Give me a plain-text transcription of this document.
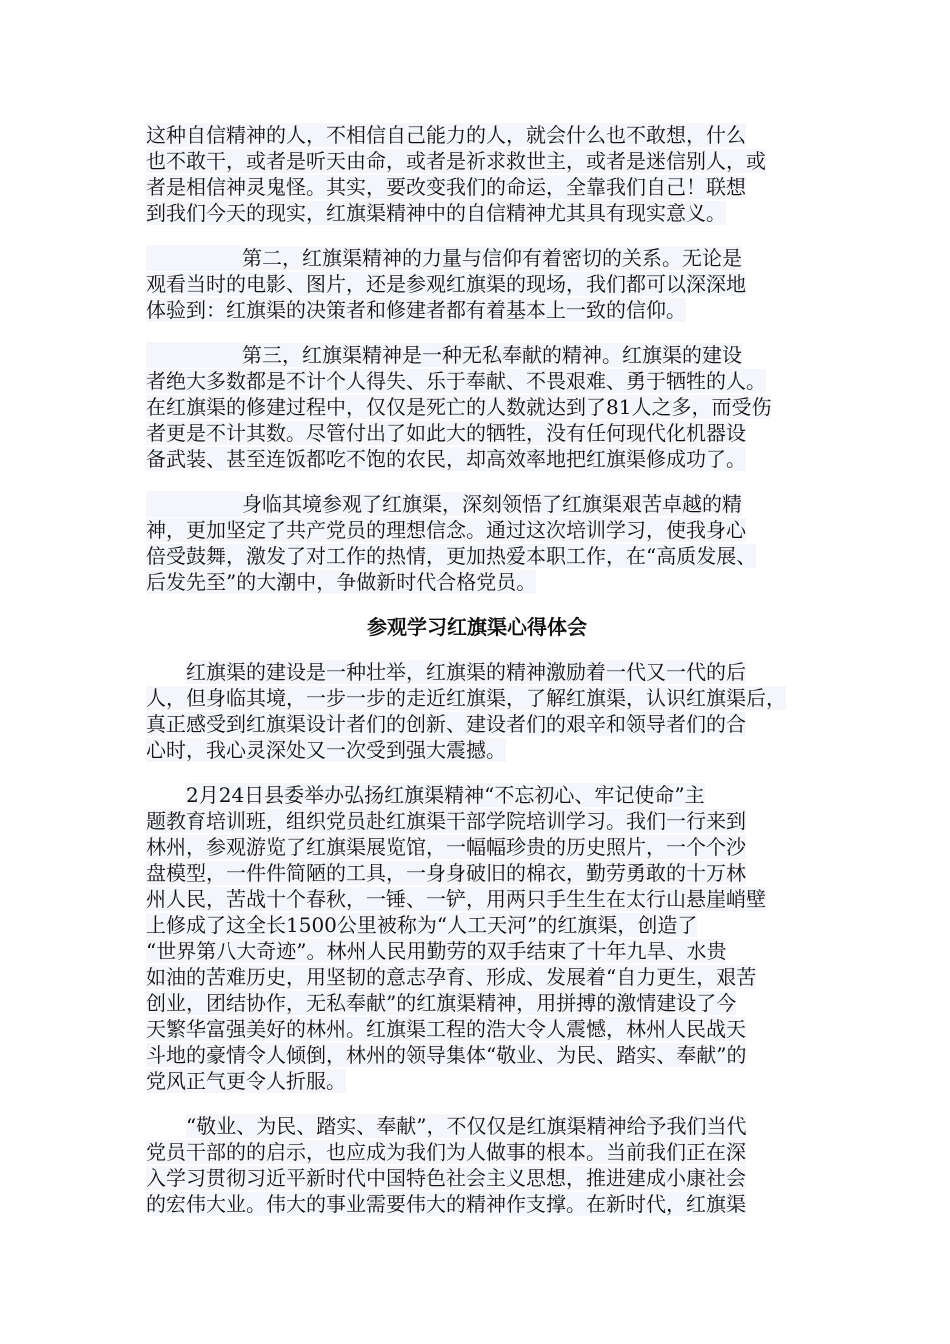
这种自信精神的人，不相信自己能力的人，就会什么也不敢想，什么
也不敢干，或者是听天由命，或者是祈求救世主，或者是迷信别人，或
者是相信神灵鬼怪。其实，要改变我们的命运，全靠我们自己！联想
到我们今天的现实，红旗渠精神中的自信精神尤其具有现实意义。
第二，红旗渠精神的力量与信仰有着密切的关系。无论是
观看当时的电影、图片，还是参观红旗渠的现场，我们都可以深深地
体验到：红旗渠的决策者和修建者都有着基本上一致的信仰。
第三，红旗渠精神是一种无私奉献的精神。红旗渠的建设
者绝大多数都是不计个人得失、乐于奉献、不畏艰难、勇于牺牲的人。
在红旗渠的修建过程中，仅仅是死亡的人数就达到了81人之多，而受伤
者更是不计其数。尽管付出了如此大的牺牲，没有任何现代化机器设
备武装、甚至连饭都吃不饱的农民，却高效率地把红旗渠修成功了。
身临其境参观了红旗渠，深刻领悟了红旗渠艰苦卓越的精
神，更加坚定了共产党员的理想信念。通过这次培训学习，使我身心
倍受鼓舞，激发了对工作的热情，更加热爱本职工作，在“高质发展、
后发先至”的大潮中，争做新时代合格党员。
参观学习红旗渠心得体会
红旗渠的建设是一种壮举，红旗渠的精神激励着一代又一代的后
人，但身临其境，一步一步的走近红旗渠，了解红旗渠，认识红旗渠后，
真正感受到红旗渠设计者们的创新、建设者们的艰辛和领导者们的合
心时，我心灵深处又一次受到强大震撼。
2月24日县委举办弘扬红旗渠精神“不忘初心、牢记使命”主
题教育培训班，组织党员赴红旗渠干部学院培训学习。我们一行来到
林州，参观游览了红旗渠展览馆，一幅幅珍贵的历史照片，一个个沙
盘模型，一件件简陋的工具，一身身破旧的棉衣，勤劳勇敢的十万林
州人民，苦战十个春秋，一锤、一铲，用两只手生生在太行山悬崖峭壁
上修成了这全长1500公里被称为“人工天河”的红旗渠，创造了
“世界第八大奇迹”。林州人民用勤劳的双手结束了十年九旱、水贵
如油的苦难历史，用坚韧的意志孕育、形成、发展着“自力更生，艰苦
创业，团结协作，无私奉献”的红旗渠精神，用拼搏的激情建设了今
天繁华富强美好的林州。红旗渠工程的浩大令人震憾，林州人民战天
斗地的豪情令人倾倒，林州的领导集体“敬业、为民、踏实、奉献”的
党风正气更令人折服。
“敬业、为民、踏实、奉献”，不仅仅是红旗渠精神给予我们当代
党员干部的的启示，也应成为我们为人做事的根本。当前我们正在深
入学习贯彻习近平新时代中国特色社会主义思想，推进建成小康社会
的宏伟大业。伟大的事业需要伟大的精神作支撑。在新时代，红旗渠
